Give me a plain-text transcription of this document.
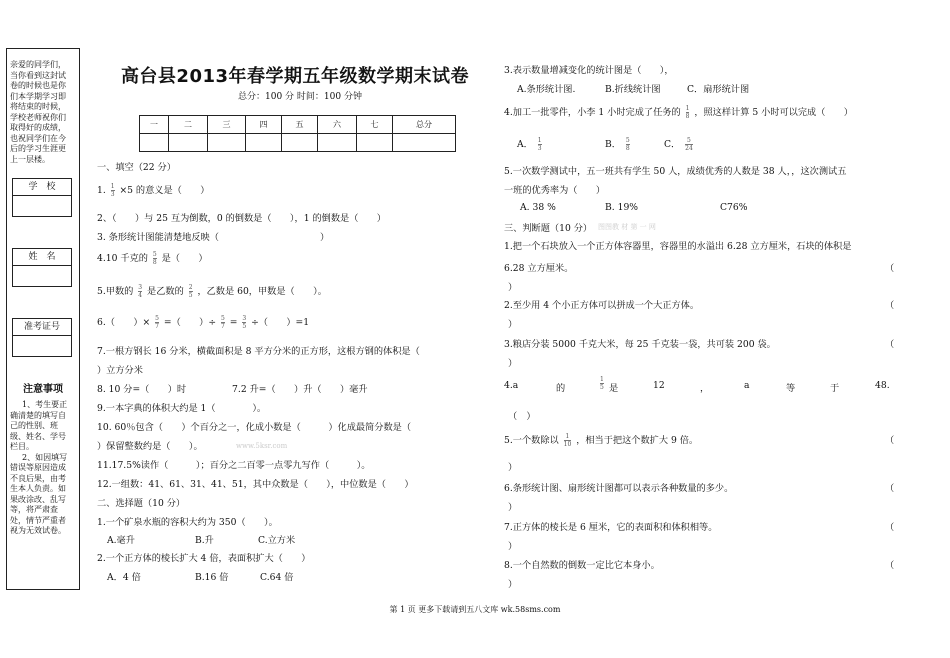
亲爱的同学们，当你看到这封试卷的时候也是你们本学期学习即将结束的时候，学校老师祝你们取得好的成绩，也祝同学们在今后的学习生涯更上一层楼。
学　校
姓　名
准考证号
注意事项
1、考生要正确清楚的填写自己的性别、班级、姓名、学号栏目。
2、如因填写错误等原因造成不良后果，由考生本人负责。如果改涂改、乱写等，将严肃查处，情节严重者视为无效试卷。
高台县2013年春学期五年级数学期末试卷
总分：100 分 时间：100 分钟
一	二	三	四	五	六	七	总分

一、填空（22 分）
1. $\frac{1}{3} \times 5$ 的意义是（　　）
2、（　　）与 25 互为倒数，0 的倒数是（　　），1 的倒数是（　　）
3. 条形统计图能清楚地反映（　　　　　　　　　　　）
4.10 千克的 $\frac{5}{8}$ 是（　　）
5.甲数的 $\frac{3}{4}$ 是乙数的 $\frac{2}{5}$ ，乙数是 60，甲数是（　　）。
6.（　　）× $\frac{5}{7}$ =（　　）÷ $\frac{5}{7} = \frac{3}{5}$ ÷（　　）=1
7.一根方钢长 16 分米，横截面积是 8 平方分米的正方形，这根方钢的体积是（
）立方分米
8. 10 分=（　　）时　　　　　7.2 升=（　　）升（　　）毫升
9.一本字典的体积大约是 1（　　　　）。
10. 60％包含（　　）个百分之一，化成小数是（　　　）化成最简分数是（
）保留整数约是（　　）。	www.5ksr.com
11.17.5%读作（　　　）；百分之二百零一点零九写作（　　　）。
12.一组数：41、61、31、41、51，其中众数是（　　），中位数是（　　）
二、选择题（10 分）
1.一个矿泉水瓶的容积大约为 350（　　）。
A.毫升	B.升	C.立方米
2.一个正方体的棱长扩大 4 倍，表面积扩大（　　）
A．4 倍	B.16 倍	C.64 倍
3.表示数量增减变化的统计图是（　　），
A.条形统计图.	B.折线统计图	C．扇形统计图
4.加工一批零件，小李 1 小时完成了任务的 $\frac{1}{8}$ ，照这样计算 5 小时可以完成（　　）
A． $\frac{1}{3}$	B． $\frac{5}{8}$	C． $\frac{5}{24}$
5.一次数学测试中，五一班共有学生 50 人，成绩优秀的人数是 38 人，，这次测试五
一班的优秀率为（　　）
A. 38 %	B. 19%	C76%
三、判断题（10 分） 图图教 材 第 一 网
1.把一个石块放入一个正方体容器里，容器里的水溢出 6.28 立方厘米，石块的体积是
6.28 立方厘米。	（
）
2.至少用 4 个小正方体可以拼成一个大正方体。	（
）
3.粮店分装 5000 千克大米，每 25 千克装一袋，共可装 200 袋。	（
）
4.a	的	$\frac{1}{5}$ 是	12	，	a	等	于	48.
（　 ）
5.一个数除以 $\frac{1}{10}$ ，相当于把这个数扩大 9 倍。	（
）
6.条形统计图、扇形统计图都可以表示各种数量的多少。	（
）
7.正方体的棱长是 6 厘米，它的表面积和体积相等。	（
）
8.一个自然数的倒数一定比它本身小。	（
）
第 1 页 更多下载请到五八文库 wk.58sms.com
